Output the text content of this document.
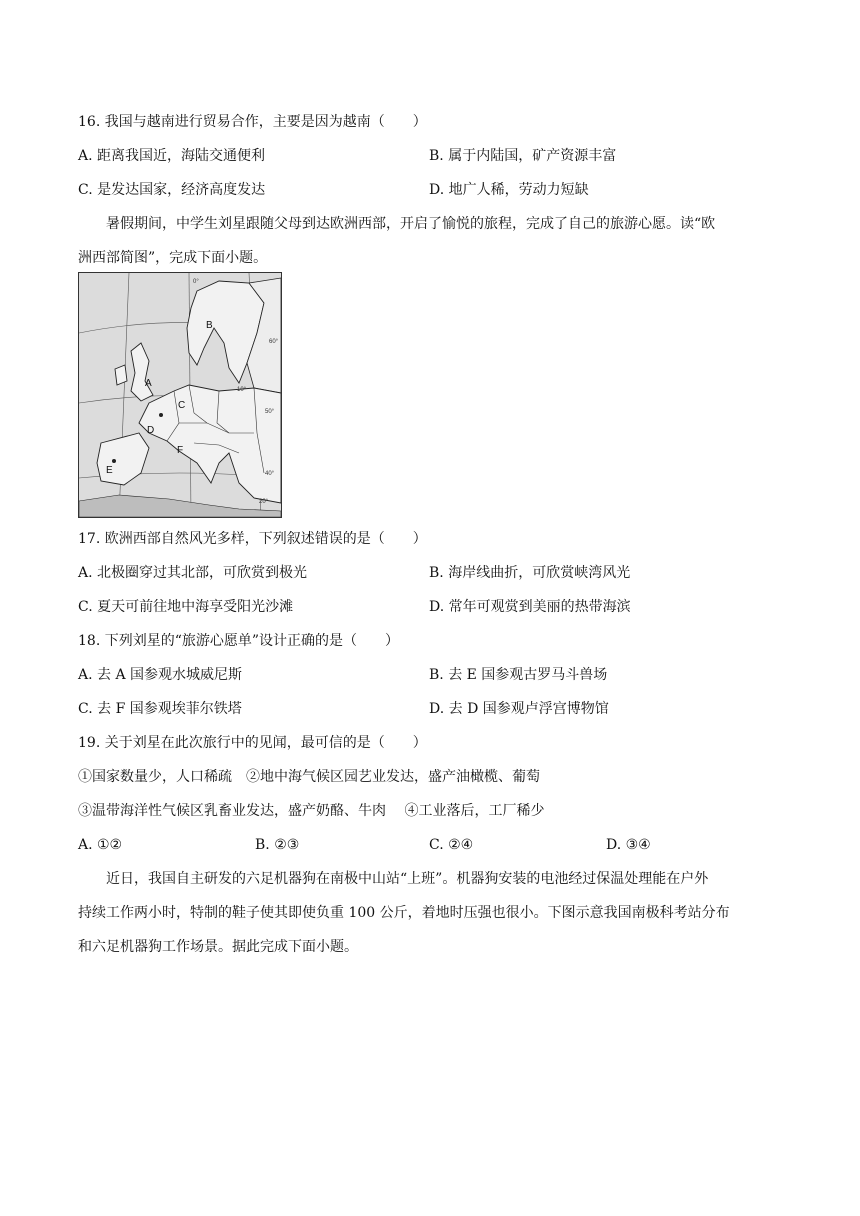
16. 我国与越南进行贸易合作，主要是因为越南（　　）
A. 距离我国近，海陆交通便利	B. 属于内陆国，矿产资源丰富
C. 是发达国家，经济高度发达	D. 地广人稀，劳动力短缺
暑假期间，中学生刘星跟随父母到达欧洲西部，开启了愉悦的旅程，完成了自己的旅游心愿。读“欧
洲西部简图”，完成下面小题。
A
B
C
D
E
F
60°
50°
40°
0°
10°
20°
17. 欧洲西部自然风光多样，下列叙述错误的是（　　）
A. 北极圈穿过其北部，可欣赏到极光	B. 海岸线曲折，可欣赏峡湾风光
C. 夏天可前往地中海享受阳光沙滩	D. 常年可观赏到美丽的热带海滨
18. 下列刘星的“旅游心愿单”设计正确的是（　　）
A. 去 A 国参观水城威尼斯	B. 去 E 国参观古罗马斗兽场
C. 去 F 国参观埃菲尔铁塔	D. 去 D 国参观卢浮宫博物馆
19. 关于刘星在此次旅行中的见闻，最可信的是（　　）
①国家数量少，人口稀疏　②地中海气候区园艺业发达，盛产油橄榄、葡萄
③温带海洋性气候区乳畜业发达，盛产奶酪、牛肉　 ④工业落后，工厂稀少
A. ①②	B. ②③	C. ②④	D. ③④
近日，我国自主研发的六足机器狗在南极中山站“上班”。机器狗安装的电池经过保温处理能在户外
持续工作两小时，特制的鞋子使其即使负重 100 公斤，着地时压强也很小。下图示意我国南极科考站分布
和六足机器狗工作场景。据此完成下面小题。
